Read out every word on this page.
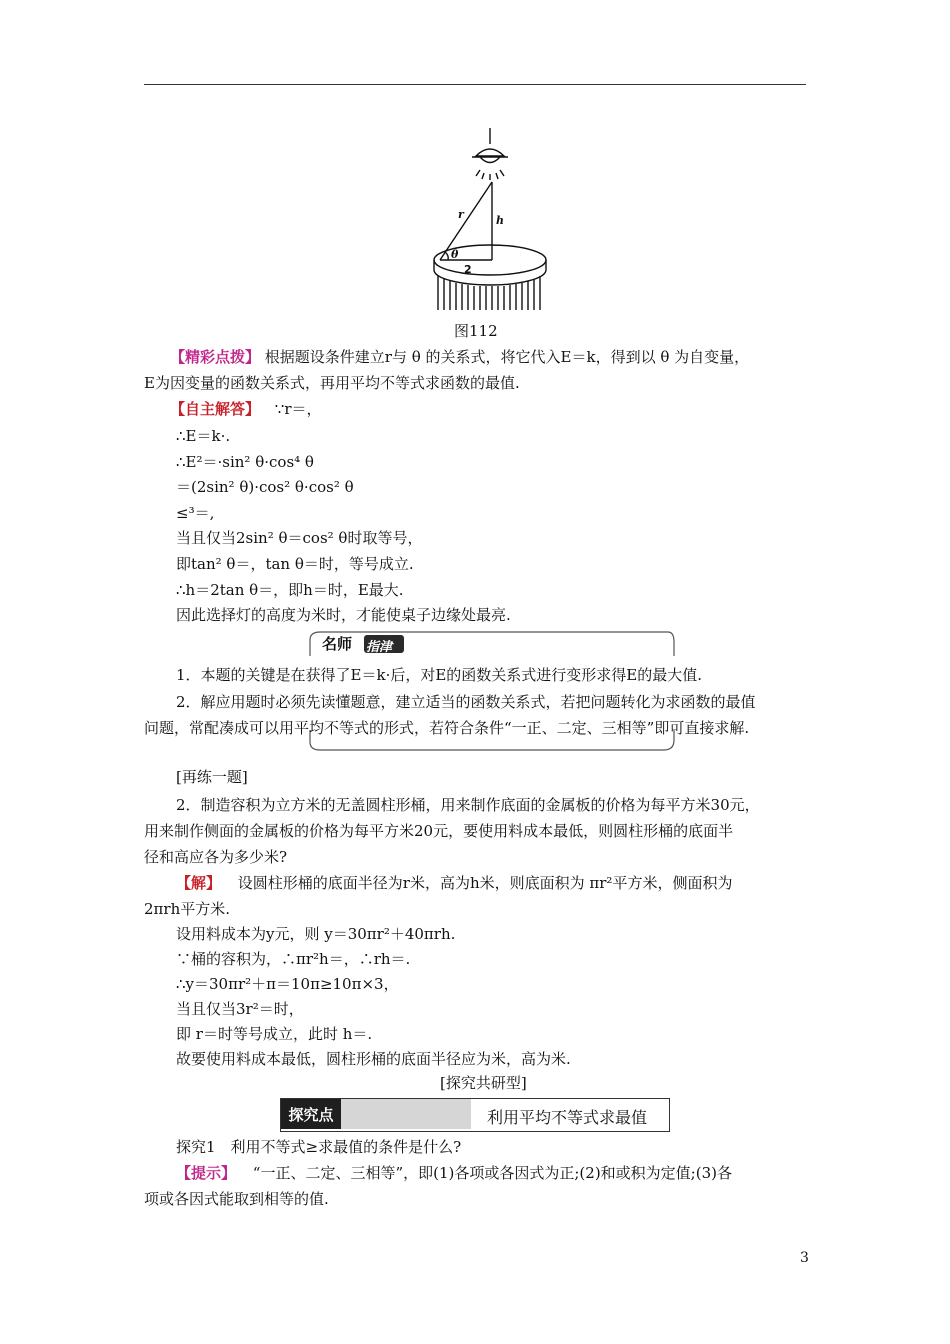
r	h
θ
2
图112
【精彩点拨】 根据题设条件建立r与 θ 的关系式，将它代入E＝k，得到以 θ 为自变量，
E为因变量的函数关系式，再用平均不等式求函数的最值.
【自主解答】 ∵r＝，
∴E＝k·.
∴E²＝·sin² θ·cos⁴ θ
＝(2sin² θ)·cos² θ·cos² θ
≤³＝,
当且仅当2sin² θ＝cos² θ时取等号，
即tan² θ＝，tan θ＝时，等号成立.
∴h＝2tan θ＝，即h＝时，E最大.
因此选择灯的高度为米时，才能使桌子边缘处最亮.
名师 指津
1．本题的关键是在获得了E＝k·后，对E的函数关系式进行变形求得E的最大值.
2．解应用题时必须先读懂题意，建立适当的函数关系式，若把问题转化为求函数的最值
问题，常配凑成可以用平均不等式的形式，若符合条件“一正、二定、三相等”即可直接求解.
[再练一题]
2．制造容积为立方米的无盖圆柱形桶，用来制作底面的金属板的价格为每平方米30元，
用来制作侧面的金属板的价格为每平方米20元，要使用料成本最低，则圆柱形桶的底面半
径和高应各为多少米?
【解】 设圆柱形桶的底面半径为r米，高为h米，则底面积为 πr²平方米，侧面积为
2πrh平方米.
设用料成本为y元，则 y＝30πr²＋40πrh.
∵桶的容积为，∴πr²h＝，∴rh＝.
∴y＝30πr²＋π＝10π≥10π×3，
当且仅当3r²＝时，
即 r＝时等号成立，此时 h＝.
故要使用料成本最低，圆柱形桶的底面半径应为米，高为米.
[探究共研型]
探究点	利用平均不等式求最值
探究1　利用不等式≥求最值的条件是什么?
【提示】 “一正、二定、三相等”，即(1)各项或各因式为正;(2)和或积为定值;(3)各
项或各因式能取到相等的值.
3
